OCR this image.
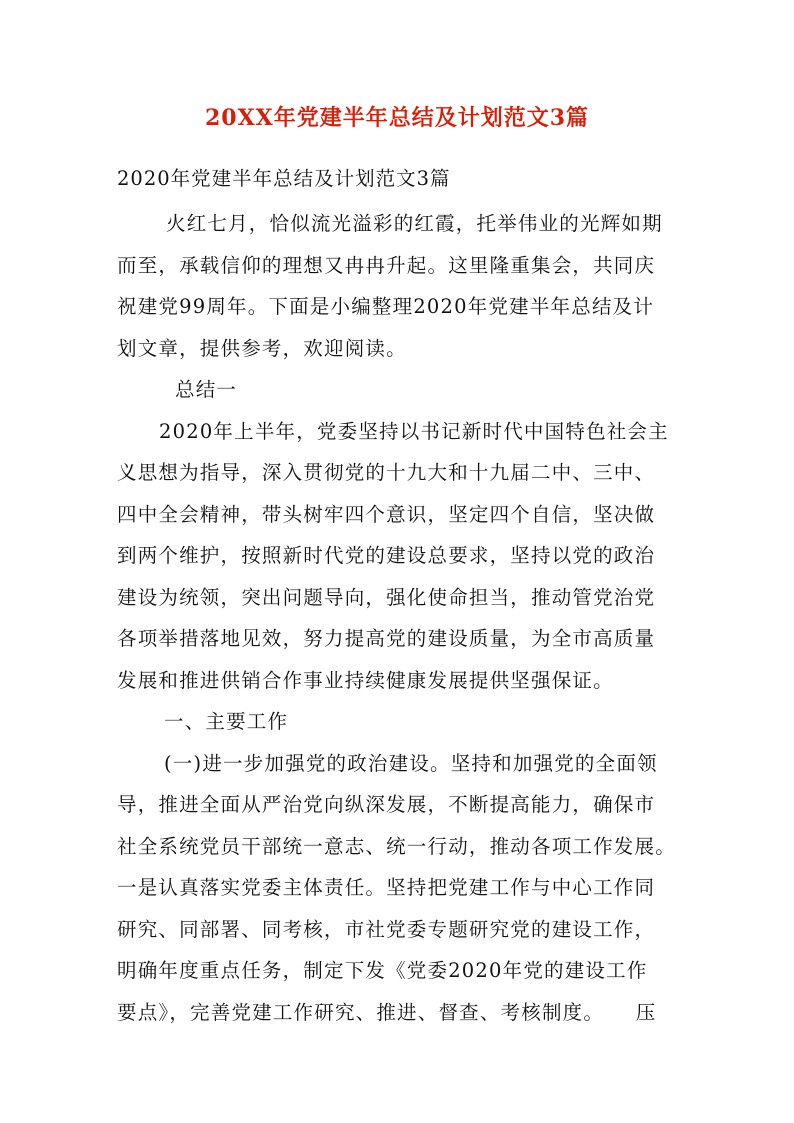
20XX年党建半年总结及计划范文3篇
2020年党建半年总结及计划范文3篇
火红七月，恰似流光溢彩的红霞，托举伟业的光辉如期
而至，承载信仰的理想又冉冉升起。这里隆重集会，共同庆
祝建党99周年。下面是小编整理2020年党建半年总结及计
划文章，提供参考，欢迎阅读。
总结一
2020年上半年，党委坚持以书记新时代中国特色社会主
义思想为指导，深入贯彻党的十九大和十九届二中、三中、
四中全会精神，带头树牢四个意识，坚定四个自信，坚决做
到两个维护，按照新时代党的建设总要求，坚持以党的政治
建设为统领，突出问题导向，强化使命担当，推动管党治党
各项举措落地见效，努力提高党的建设质量，为全市高质量
发展和推进供销合作事业持续健康发展提供坚强保证。
一、主要工作
(一)进一步加强党的政治建设。坚持和加强党的全面领
导，推进全面从严治党向纵深发展，不断提高能力，确保市
社全系统党员干部统一意志、统一行动，推动各项工作发展。
一是认真落实党委主体责任。坚持把党建工作与中心工作同
研究、同部署、同考核，市社党委专题研究党的建设工作，
明确年度重点任务，制定下发《党委2020年党的建设工作
要点》，完善党建工作研究、推进、督查、考核制度。　　压
